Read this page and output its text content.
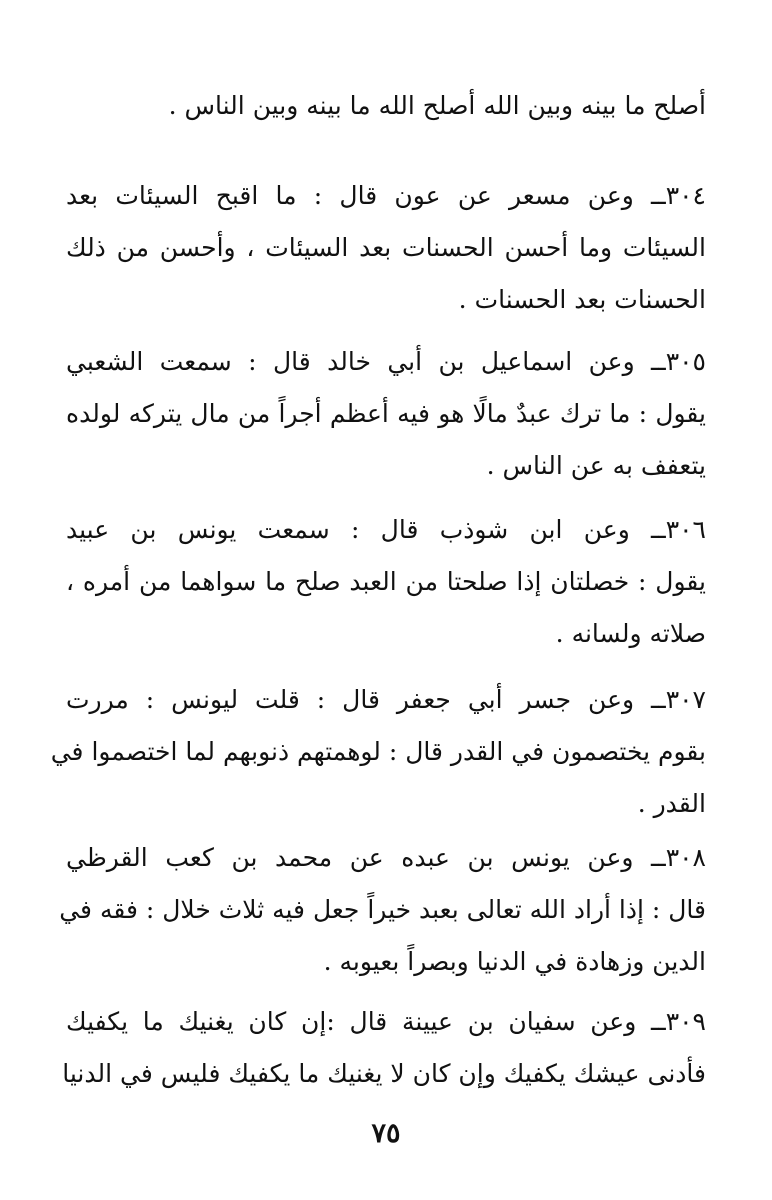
أصلح ما بينه وبين الله أصلح الله ما بينه وبين الناس .
٣٠٤ــ وعن مسعر عن عون قال : ما اقبح السيئات بعد
السيئات وما أحسن الحسنات بعد السيئات ، وأحسن من ذلك
الحسنات بعد الحسنات .
٣٠٥ــ وعن اسماعيل بن أبي خالد قال : سمعت الشعبي
يقول : ما ترك عبدٌ مالًا هو فيه أعظم أجراً من مال يتركه لولده
يتعفف به عن الناس .
٣٠٦ــ وعن ابن شوذب قال : سمعت يونس بن عبيد
يقول : خصلتان إذا صلحتا من العبد صلح ما سواهما من أمره ،
صلاته ولسانه .
٣٠٧ــ وعن جسر أبي جعفر قال : قلت ليونس : مررت
بقوم يختصمون في القدر قال : لوهمتهم ذنوبهم لما اختصموا في
القدر .
٣٠٨ــ وعن يونس بن عبده عن محمد بن كعب القرظي
قال : إذا أراد الله تعالى بعبد خيراً جعل فيه ثلاث خلال : فقه في
الدين وزهادة في الدنيا وبصراً بعيوبه .
٣٠٩ــ وعن سفيان بن عيينة قال :إن كان يغنيك ما يكفيك
فأدنى عيشك يكفيك وإن كان لا يغنيك ما يكفيك فليس في الدنيا
٧٥
